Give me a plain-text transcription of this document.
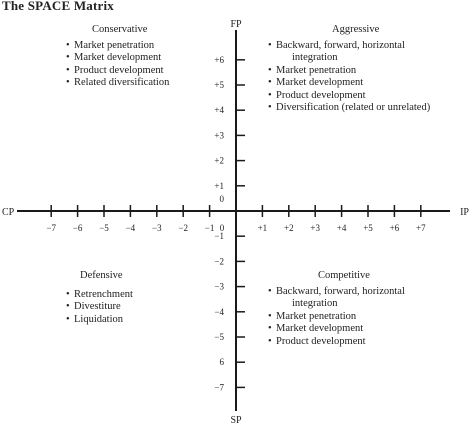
The SPACE Matrix
−7 −6 −5 −4 −3 −2 −1 0	+1 +2 +3 +4 +5 +6 +7
+6
+5
+4
+3
+2
+1
0
−1
−2
−3
−4
−5
6
−7
FP
SP
CP	IP
Conservative
• Market penetration
• Market development
• Product development
• Related diversification
Aggressive
• Backward, forward, horizontal
integration
• Market penetration
• Market development
• Product development
• Diversification (related or unrelated)
Defensive
• Retrenchment
• Divestiture
• Liquidation
Competitive
• Backward, forward, horizontal
integration
• Market penetration
• Market development
• Product development
